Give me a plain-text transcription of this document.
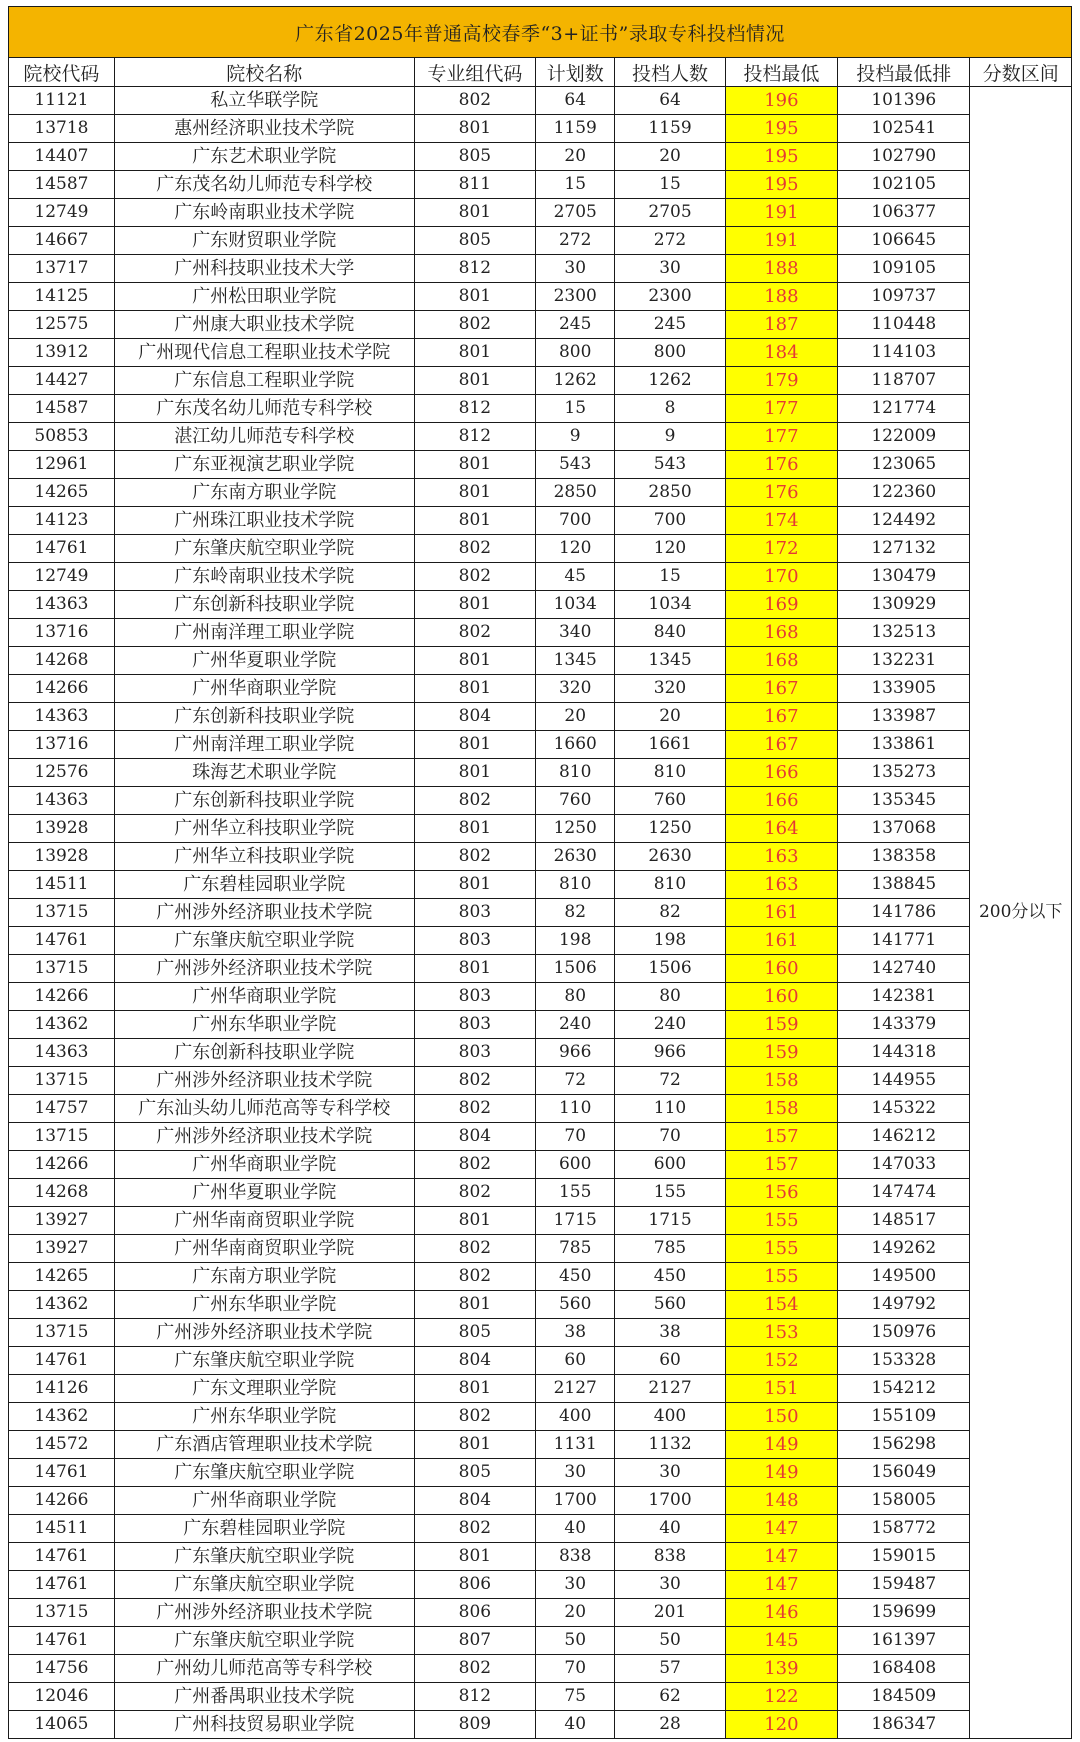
广东省2025年普通高校春季“3+证书”录取专科投档情况							
院校代码	院校名称	专业组代码	计划数	投档人数	投档最低	投档最低排	分数区间
11121	私立华联学院	802	64	64	196	101396	200分以下
13718	惠州经济职业技术学院	801	1159	1159	195	102541	
14407	广东艺术职业学院	805	20	20	195	102790	
14587	广东茂名幼儿师范专科学校	811	15	15	195	102105	
12749	广东岭南职业技术学院	801	2705	2705	191	106377	
14667	广东财贸职业学院	805	272	272	191	106645	
13717	广州科技职业技术大学	812	30	30	188	109105	
14125	广州松田职业学院	801	2300	2300	188	109737	
12575	广州康大职业技术学院	802	245	245	187	110448	
13912	广州现代信息工程职业技术学院	801	800	800	184	114103	
14427	广东信息工程职业学院	801	1262	1262	179	118707	
14587	广东茂名幼儿师范专科学校	812	15	8	177	121774	
50853	湛江幼儿师范专科学校	812	9	9	177	122009	
12961	广东亚视演艺职业学院	801	543	543	176	123065	
14265	广东南方职业学院	801	2850	2850	176	122360	
14123	广州珠江职业技术学院	801	700	700	174	124492	
14761	广东肇庆航空职业学院	802	120	120	172	127132	
12749	广东岭南职业技术学院	802	45	15	170	130479	
14363	广东创新科技职业学院	801	1034	1034	169	130929	
13716	广州南洋理工职业学院	802	340	840	168	132513	
14268	广州华夏职业学院	801	1345	1345	168	132231	
14266	广州华商职业学院	801	320	320	167	133905	
14363	广东创新科技职业学院	804	20	20	167	133987	
13716	广州南洋理工职业学院	801	1660	1661	167	133861	
12576	珠海艺术职业学院	801	810	810	166	135273	
14363	广东创新科技职业学院	802	760	760	166	135345	
13928	广州华立科技职业学院	801	1250	1250	164	137068	
13928	广州华立科技职业学院	802	2630	2630	163	138358	
14511	广东碧桂园职业学院	801	810	810	163	138845	
13715	广州涉外经济职业技术学院	803	82	82	161	141786	
14761	广东肇庆航空职业学院	803	198	198	161	141771	
13715	广州涉外经济职业技术学院	801	1506	1506	160	142740	
14266	广州华商职业学院	803	80	80	160	142381	
14362	广州东华职业学院	803	240	240	159	143379	
14363	广东创新科技职业学院	803	966	966	159	144318	
13715	广州涉外经济职业技术学院	802	72	72	158	144955	
14757	广东汕头幼儿师范高等专科学校	802	110	110	158	145322	
13715	广州涉外经济职业技术学院	804	70	70	157	146212	
14266	广州华商职业学院	802	600	600	157	147033	
14268	广州华夏职业学院	802	155	155	156	147474	
13927	广州华南商贸职业学院	801	1715	1715	155	148517	
13927	广州华南商贸职业学院	802	785	785	155	149262	
14265	广东南方职业学院	802	450	450	155	149500	
14362	广州东华职业学院	801	560	560	154	149792	
13715	广州涉外经济职业技术学院	805	38	38	153	150976	
14761	广东肇庆航空职业学院	804	60	60	152	153328	
14126	广东文理职业学院	801	2127	2127	151	154212	
14362	广州东华职业学院	802	400	400	150	155109	
14572	广东酒店管理职业技术学院	801	1131	1132	149	156298	
14761	广东肇庆航空职业学院	805	30	30	149	156049	
14266	广州华商职业学院	804	1700	1700	148	158005	
14511	广东碧桂园职业学院	802	40	40	147	158772	
14761	广东肇庆航空职业学院	801	838	838	147	159015	
14761	广东肇庆航空职业学院	806	30	30	147	159487	
13715	广州涉外经济职业技术学院	806	20	201	146	159699	
14761	广东肇庆航空职业学院	807	50	50	145	161397	
14756	广州幼儿师范高等专科学校	802	70	57	139	168408	
12046	广州番禺职业技术学院	812	75	62	122	184509	
14065	广州科技贸易职业学院	809	40	28	120	186347	
